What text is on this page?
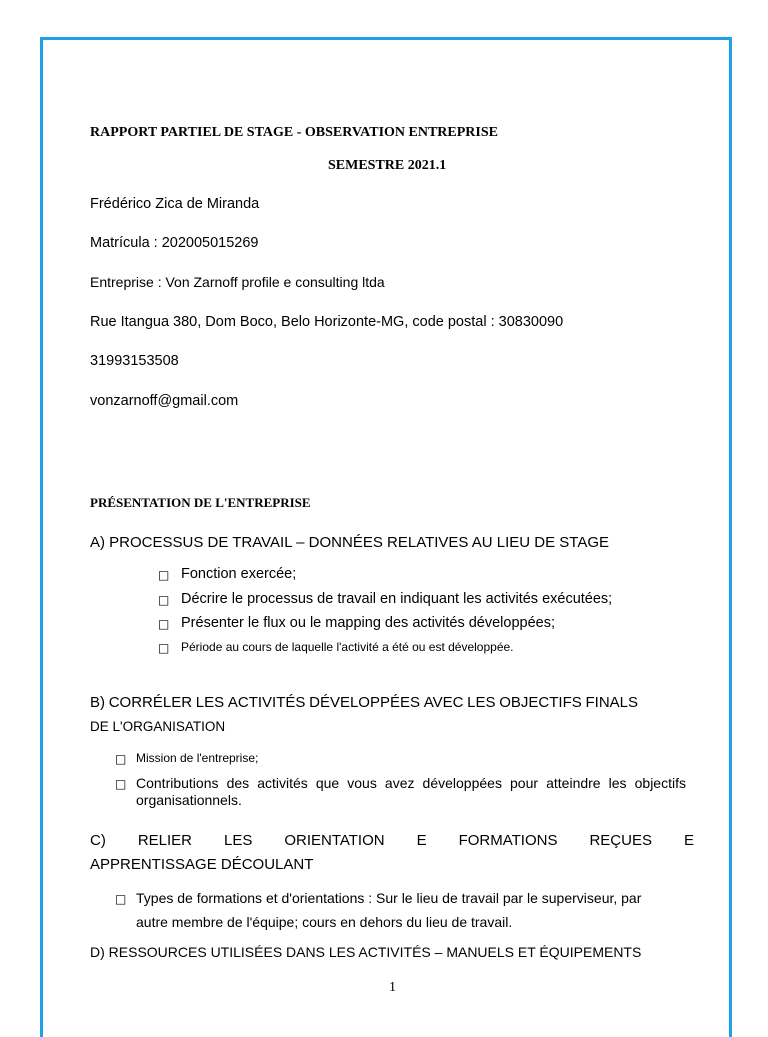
RAPPORT PARTIEL DE STAGE - OBSERVATION ENTREPRISE
SEMESTRE 2021.1
Frédérico Zica de Miranda
Matrícula : 202005015269
Entreprise : Von Zarnoff profile e consulting ltda
Rue Itangua 380, Dom Boco, Belo Horizonte-MG, code postal : 30830090
31993153508
vonzarnoff@gmail.com
PRÉSENTATION DE L'ENTREPRISE
A) PROCESSUS DE TRAVAIL – DONNÉES RELATIVES AU LIEU DE STAGE
□ Fonction exercée;
□ Décrire le processus de travail en indiquant les activités exécutées;
□ Présenter le flux ou le mapping des activités développées;
□ Période au cours de laquelle l'activité a été ou est développée.
B) CORRÉLER LES ACTIVITÉS DÉVELOPPÉES AVEC LES OBJECTIFS FINALS
DE L'ORGANISATION
□ Mission de l'entreprise;
□ Contributions des activités que vous avez développées pour atteindre les objectifs
organisationnels.
C) RELIER LES ORIENTATION E FORMATIONS REÇUES E
APPRENTISSAGE DÉCOULANT
□ Types de formations et d'orientations : Sur le lieu de travail par le superviseur, par
autre membre de l'équipe; cours en dehors du lieu de travail.
D) RESSOURCES UTILISÉES DANS LES ACTIVITÉS – MANUELS ET ÉQUIPEMENTS
1
